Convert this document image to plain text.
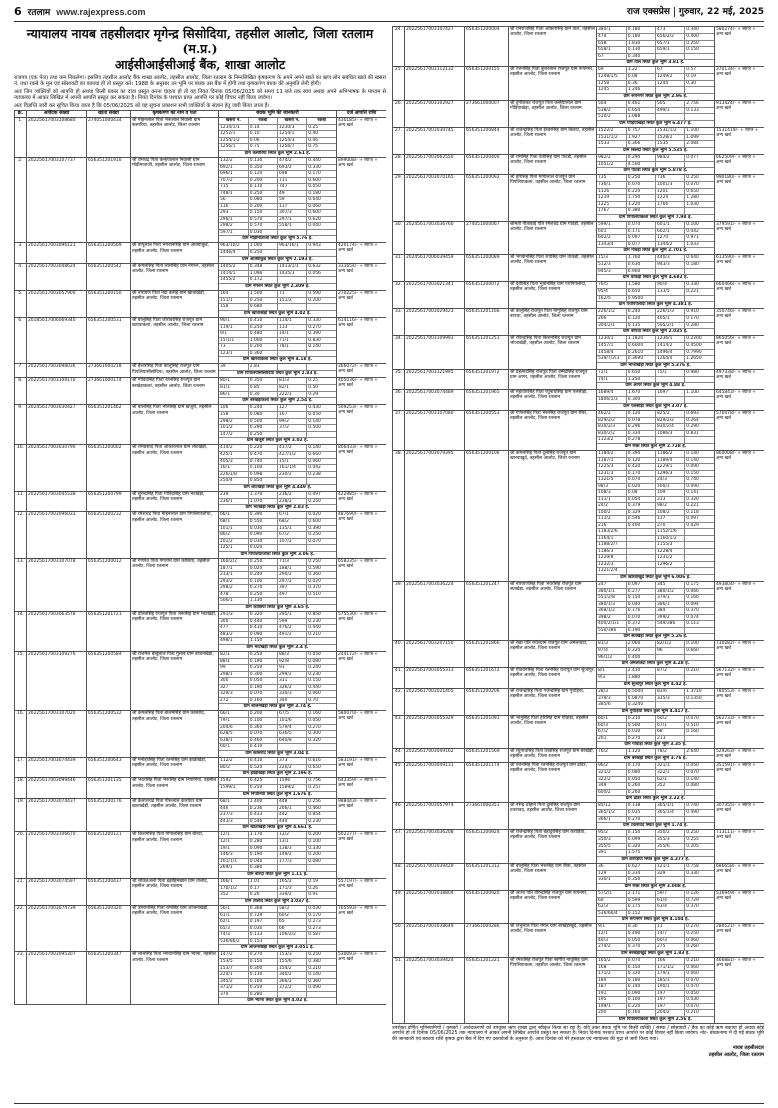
6 रतलाम www.rajexpress.com	राज एक्सप्रेस गुरुवार, 22 मई, 2025
न्यायालय नायब तहसीलदार मृगेन्द्र सिसोदिया, तहसील आलोट, जिला रतलाम (म.प्र.)
आईसीआईसीआई बैंक, शाखा आलोट

राजपत्र (एक पेज) तथा कम निकलेगा। इसलिए तहसील आलोट बैंक शाखा आलोट, तहसील आलोट, जिला रतलाम के निम्नलिखित कृषकगण के अपने अपने खाते का ऋण लोन सबंधित खाते की खसरा नं. तथा रकबे के मूल एवं सोसायटी का बकाया हो तो प्रस्तुत करे। 1988 के अनुसार उन भूमि पर बंधक उस बैंक में होगी तथा कृषकगण बंधक की अनुमति लेनी होगी।

अतः जिन व्यक्तियों को आपत्ति हो अथवा किसी प्रकार का दावा प्रस्तुत करना चाहता हो तो वह नियत दिनांक 05/06/2025 को समय 11 बजे तक स्वयं अथवा अपने अभिभाषक के माध्यम से न्यायालय में आकर लिखित में अपनी आपत्ति प्रस्तुत कर सकता है। नियत दिनांक के पश्चात प्राप्त आपत्ति पर कोई विचार नहीं किया जावेगा।

अतः विज्ञप्ति जारी कर सूचित किया जाता है कि 05/06/2025 को यह सूचना प्रकाशन सभी व्यक्तियों के संज्ञान हेतु जारी किया जाता है।

क्र.	आवेदक संख्या	खाता संख्या	कृषकगण का नाम व पता	बंधक भूमि की जानकारी	दर्ज आपत्ति राशि
1.	20225617003108680	274051000434	श्री मोहनलाल पिता भेरूलाल निवासी ग्राम कंसारिया, तहसील आलोट, जिला रतलाम	
खसरा नं.	रकबा	खसरा नं.	रकबा
1234/1/1	0.14	1230/3	0.25
1252/1	0.10	1254/1	0.40
1254/1/2	0.06	1254/3	0.06
1256/1	0.75	1256/7	0.75
ग्राम कंसारिया स्थित कुल भूमि 2.61 हे.
	430185/- + ब्याज + अन्य खर्च
2.	20225617003107737	656351201910	श्री रामचंद्र पिता कन्हैयालाल निवासी ग्राम मोड़ीमाताजी, तहसील आलोट, जिला रतलाम	
132/2	0.130	474/2	0.440
692/1	0.350	693/2	0.330
696/1	0.120	698	0.170
707/2	0.200	711	0.600
715	0.110	747	0.050
748/1	0.250	49	0.180
56	0.080	59	0.640
116	0.200	117	0.060
293	0.150	307/3	0.600
296/1	0.570	297/1	0.620
298/2	0.570	558/1	0.040
597/1	0.030		
ग्राम मोड़ीमाताजी स्थित कुल भूमि 5.76 हे.
	899008/- + ब्याज + अन्य खर्च
3.	20225617003096121	656351200569	श्री बापूलाल पिता भगवानसिंह ग्राम आक्याकुंड, तहसील आलोट, जिला रतलाम	
963/10/2	1.000	963/16/1	0.943
1446/4	0.250		
ग्राम आक्याकुंड स्थित कुल भूमि 2.193 हे.
	420174/- + ब्याज + अन्य खर्च
4.	20225617003048624	656351200542	श्री कमलसिंह पिता लालसिंह ग्राम नेगरुन, तहसील आलोट, जिला रतलाम	
1405/2	0.348	1413/1/1	0.632
1414/1	1.096	1435/3	0.056
1455/2	0.172		
ग्राम नेगरुन स्थित कुल भूमि 2.309 हे.
	331654/- + ब्याज + अन्य खर्च
5.	20225617003057900	656351200150	श्री नारायण पिता नंदा बलाई ग्राम खाताखेड़ी, तहसील आलोट, जिला रतलाम	
164	1.500	71	0.590
151/1	0.250	151/2	0.200
158	0.680		
ग्राम खाताखेड़ी स्थित कुल भूमि 4.02 हे.
	270225/- + ब्याज + अन्य खर्च
6.	20185617006069340	656351200531	श्री बालूसिंह पिता जोरावरसिंह राजपूत ग्राम खारवाकलां, तहसील आलोट, जिला रतलाम	
90/1	0.410	114/1	0.330
119/1	0.250	113	0.270
9/1	0.480	14/1	0.390
15/1/1	1.000	71/1	0.830
73	0.200	78/1	0.140
123/1	0.360		
ग्राम खारवाकलां स्थित कुल भूमि 4.18 हे.
	614116/- + ब्याज + अन्य खर्च
7.	20225617003098036	273661000218	श्री ईश्वरसिंह पिता कालूसिंह राजपूत ग्राम पिपलियासीसोदिया, तहसील आलोट, जिला रतलाम	
39	2.83		
ग्राम पिपलियासीसोदिया स्थित कुल भूमि 2.83 हे.
	366072/- + ब्याज + अन्य खर्च
8.	20225617003109170	273661000174	श्री गोविंदसिंह पिता रतनसिंह राजपूत ग्राम बरखेड़ाकलां, तहसील आलोट, जिला रतलाम	
80/1	0.350	81/3	0.25
81/1	0.85	82/1	0.50
86/1	0.30	222/1	0.29
ग्राम बरखेड़ाकलां स्थित कुल भूमि 2.54 हे.
	405036/- + ब्याज + अन्य खर्च
9.	20245617003030427	656351201462	श्री बालसिंह पिता भोलेसिंह ग्राम खजूरी, तहसील आलोट, जिला रतलाम	
106	0.240	127	0.430
158	0.080	167	0.050
298/2	0.500	99/2	0.140
101/2	0.290	37/2	0.500
147/2	0.250		
ग्राम खजूरी स्थित कुल भूमि 3.02 हे.
	509253/- + ब्याज + अन्य खर्च
10.	20245617003030790	656351200002	श्री रामप्रसाद पिता ओंकारलाल ग्राम लोटखेड़ी, तहसील आलोट, जिला रतलाम	
414/2	0.220	417/2	0.140
425/1	0.470	427/1/2	0.660
405/3	0.740	15/1	0.060
16/1	0.100	161/1/4	0.042
226/1/8	0.098	230/2	0.238
250/4	0.850		
ग्राम लोटखेड़ी स्थित कुल भूमि 4.449 हे.
	806433/- + ब्याज + अन्य खर्च
11.	20225617003045538	656351200799	श्री सुरेन्द्रसिंह पिता गोविंदसिंह ग्राम भटखेड़ा, तहसील आलोट, जिला रतलाम	
239	1.370	236/2	0.097
236/1	1.070	238/2	0.250
ग्राम भटखेड़ा स्थित कुल भूमि 2.83 हे.
	422985/- + ब्याज + अन्य खर्च
12.	20225617003096033	656351200232	श्री रमेशचंद्र पिता मोहनलाल ग्राम पिपलियाजोधा, तहसील आलोट, जिला रतलाम	
66/1	0.390	67/1	0.020
68/1	0.550	68/2	0.600
101/1	0.030	135/1	0.390
86/2	0.090	67/2	0.250
101/2	0.030	107/2	0.070
125/1	0.020		
ग्राम पिपलियाजोधा स्थित कुल भूमि 3.06 हे.
	487690/- + ब्याज + अन्य खर्च
13.	20225617003107078	656351200012	श्री गणपत पिता गंगाराम ग्राम काछिया, तहसील आलोट, जिला रतलाम	
160/2/2	0.250	71/3	0.250
187/1	0.020	188/1	0.590
233/1	0.240	290/2	0.360
293/2	0.100	297/2	0.020
298/2	0.270	397	0.370
478	0.250	497	0.510
506/1	1.130		
ग्राम काछिया स्थित कुल भूमि 3.65 हे.
	658335/- + ब्याज + अन्य खर्च
14.	20225617003063578	656351201721	श्री दौलतसिंह राजपूत पिता भेरूसिंह ग्राम भाटखेड़ी, तहसील आलोट, जिला रतलाम	
291/3	0.320	295/1	0.850
300	0.440	599	0.230
477	0.410	476/2	0.440
483/2	0.090	491/2	0.210
498/1	1.150		
ग्राम भाटखेड़ी स्थित कुल भूमि 3.4 हे.
	575530/- + ब्याज + अन्य खर्च
15.	20225617003109276	656351200584	श्री राजमल बाबूलाल पिता गुलाब ग्राम बाजनखेड़ा, तहसील आलोट, जिला रतलाम	
82/1	0.250	88/3	0.050
88/1	0.190	92/8	0.080
99	0.250	91	0.240
298/1	0.300	299/2	0.230
300	0.050	311	0.150
327	0.190	326/2	0.440
329/3	0.070	330/3	0.060
272	0.160	340	0.70
ग्राम बाजनखेड़ा स्थित कुल भूमि 3.74 हे.
	244172/- + ब्याज + अन्य खर्च
16.	20225617003107020	656351200532	श्री कमलसिंह पिता बालमसिंह ग्राम कांसरोद, तहसील आलोट, जिला रतलाम	
66/1	0.200	67/5	0.160
79/1	0.100	101/6	0.050
204/6	0.360	579/4	0.270
628/5	0.070	636/5	0.300
638/1	0.460	640/8	0.320
60/1	0.410		
ग्राम कांसरोद स्थित कुल भूमि 3.04 हे.
	580070/- + ब्याज + अन्य खर्च
17.	20225617003074439	656351200643	श्री मनोहरसिंह पिता रतनसिंह ग्राम झाड़ीखेड़ा, तहसील आलोट, जिला रतलाम	
112/2	0.410	373	0.616
80/2	0.520	220/2	0.650
ग्राम झाड़ीखेड़ा स्थित कुल भूमि 2.196 हे.
	583191/- + ब्याज + अन्य खर्च
18.	20225617003099446	656351201135	श्री भरतसिंह पिता भेरूसिंह ग्राम निपानिया, तहसील आलोट, जिला रतलाम	
1592	0.425	1596	0.756
1599/1	0.250	1589/2	0.257
ग्राम निपानिया स्थित कुल भूमि 1.676 हे.
	643359/- + ब्याज + अन्य खर्च
19.	20225617003074437	656351200176	श्री कैलाशचंद्र पिता पीरूलाल कारपेंटर ग्राम खाताखेड़ी, तहसील आलोट, जिला रतलाम	
68/1	1.400	448	0.256
446	0.236	266/1	0.460
237/3	0.433	442	0.854
443/3	0.546	444	0.230
ग्राम खाताखेड़ी स्थित कुल भूमि 4.661 हे.
	988443/- + ब्याज + अन्य खर्च
20.	20225617003106670	656351200121	श्री किशनसिंह पिता गोपालसिंह ग्राम बोरदा, तहसील आलोट, जिला रतलाम	
12/1	1.170	13/2	0.200
12/1	0.280	13/1	0.100
19/1	0.090	138/3	0.330
146/3	0.190	149/2	0.200
161/1/1	0.040	177/3	0.080
269/1	0.380		
ग्राम बोरदा स्थित कुल भूमि 1.11 हे.
	502277/- + ब्याज + अन्य खर्च
21.	20225617003074597	656351200437	श्री शौकतअली पिता इब्राहिमखान ग्राम तालोद, तहसील आलोट, जिला रतलाम	
166/1	1.01	165/2	0.19
170/1/2	0.17	171/3	0.26
352	0.26	339/2	0.91
ग्राम तालोद स्थित कुल भूमि 3.037 हे.
	557197/- + ब्याज + अन्य खर्च
22.	20225617003074739	656351200320	श्री उमरावसिंह पिता रामसिंह ग्राम आंजनाखेड़ी, तहसील आलोट, जिला रतलाम	
56/1	0.368	58/3	0.030
61/1	0.729	60/2	0.170
62/1	0.197	65	0.273
65/3	0.030	66	0.273
74/3	0.133	106/2/2	0.587
536/86/2	0.153		
ग्राम आंजनाखेड़ी स्थित कुल भूमि 3.051 हे.
	765593/- + ब्याज + अन्य खर्च
23.	20225617003095307	656351200347	श्री लालसिंह पिता भगवानसिंह ग्राम भ्याना, तहसील आलोट, जिला रतलाम	
147/2	0.270	153/3	0.250
153/5	0.150	155/6	0.380
153/7	0.300	154/2	0.210
224/1	0.130	340/2	0.140
345/2	0.160	366/2	0.360
371/2	0.250	372/2	0.090
374	0.280		
ग्राम भ्याना स्थित कुल भूमि 4.02 हे.
	530093/- + ब्याज + अन्य खर्च
24.	20225617003107427	656351200004	श्री धनराजसिंह पिता ओंकारसिंह ग्राम ताल, तहसील आलोट, जिला रतलाम	
380/1	0.180	473	0.340
474	0.180	656/2/2	0.400
658	1.830	657/1	0.250
658/1	0.130	659/1	0.150
67	0.340		
ग्राम ताल स्थित कुल भूमि 3.81 हे.
	580274/- + ब्याज + अन्य खर्च
25.	20225617003112132	656351200155	श्री रंजनसिंह पिता कुंवरलाल राजपूत ग्राम रूपनगर, तहसील आलोट, जिला रतलाम	
69	1.22	67	0.57
1248/1/5	0.08	1249/2	0.19
1258	0.36	1244	0.30
1245	1.246		
ग्राम रूपनगर स्थित कुल भूमि 2.96 हे.
	370134/- + ब्याज + अन्य खर्च
26.	20225617003102927	273661000007	श्री दुर्गाशंकर राजपूत पिता कन्हैयालाल ग्राम गौड़ियाखेड़ा, तहसील आलोट, जिला रतलाम	
504	0.461	505	2.756
538/2	0.654	499/1	0.133
510/2	1.088		
ग्राम गौड़ियाखेड़ा स्थित कुल भूमि 6.477 हे.
	913424/- + ब्याज + अन्य खर्च
27.	20225617003030745	656351200844	श्री राजेन्द्रसिंह पिता ईश्वरसिंह ग्राम बिलदा, तहसील आलोट, जिला रतलाम	
1522/2	0.757	1531/1/2	1.100
1531/1/2	1.927	1528/2	1.099
1533	0.366	1535	2.084
ग्राम बिलदा स्थित कुल भूमि 5.535 हे.
	1531419/- + ब्याज + अन्य खर्च
28.	20225617003062550	656351200400	श्री रामसिंह पिता देवीसिंह ग्राम पाटडी, तहसील आलोट, जिला रतलाम	
982/2	0.290	984/2	0.077
1051/2	4.500		
ग्राम पाटडी स्थित कुल भूमि 5.878 हे.
	662509/- + ब्याज + अन्य खर्च
29.	20225617003070165	656351200092	श्री हरिसिंह पिता मांगीलाल राजपूत ग्राम पिपलियाकला, तहसील आलोट, जिला रतलाम	
735	0.250	736	0.250
736/1	0.070	1001/3	0.070
1126	0.220	1201	0.650
1219	1.750	1224	1.280
1225	1.220	1766	1.030
1767	0.380		
ग्राम पिपलियाकला स्थित कुल भूमि 7.98 हे.
	990180/- + ब्याज + अन्य खर्च
30.	20245617003036760	274051000067	श्रीमती गीताबाई पति रमेशचंद्र ग्राम गांवड़ी, तहसील आलोट, जिला रतलाम	
599/1	0.070	601/1	0.100
601	0.171	602/1	0.042
602/2	0.097	1270	0.971
1343/4	0.077	1344/2	1.033
ग्राम गांवड़ी स्थित कुल भूमि 2.701 हे.
	379591/- + ब्याज + अन्य खर्च
31.	20245617006039459	656351200089	श्री भगवानसिंह पिता रायसिंह ग्राम धाकड़ी, तहसील आलोट, जिला रतलाम	
15/3	1.760	440/3	0.640
512/3	0.630	943/3	0.180
945/3	0.900		
ग्राम धाकड़ी स्थित कुल भूमि 4.682 हे.
	613590/- + ब्याज + अन्य खर्च
32.	20225617003021341	656351200072	श्री देवीसिंह पिता भुवानसिंह ग्राम पंथपिपलोदा, तहसील आलोट, जिला रतलाम	
76/5	1.580	90/4	0.330
95/4	0.650	133/5	0.221
162/5	0.9500		
ग्राम पंथपिपलोदा स्थित कुल भूमि 4.381 हे.
	660466/- + ब्याज + अन्य खर्च
33.	20225617003029423	656351201166	श्री बालूसिंह राजपूत पिता मांगुसिंह राजपूत ग्राम बापचा, तहसील आलोट, जिला रतलाम	
226/1/2	0.240	226/1/3	0.910
266	0.120	405/1	0.170
304/2/1	0.135	505/2/1	0.280
ग्राम बापचा स्थित कुल भूमि 2.035 हे.
	350746/- + ब्याज + अन्य खर्च
34.	20225617003109993	656351201251	श्री रविन्द्रसिंह पिता किशनसिंह राजपूत ग्राम भोजाखेड़ी, तहसील आलोट, जिला रतलाम	
1230/1	1.1820	1236/1	0.2200
1457/1	0.6000	1414/2	0.4500
1458/4	0.2610	1496/4	0.7990
539/7/2/3	0.3690	1264/4	1.2650
ग्राम भोजाखेड़ी स्थित कुल भूमि 5.376 हे.
	865056/- + ब्याज + अन्य खर्च
35.	20225617003121995	656351201972	श्री प्रहलादसिंह राजपूत पिता उम्मेदसिंह राजपूत ग्राम आगर, तहसील आलोट, जिला रतलाम	
72/1	0.650	75/1	0.980
74/1	1.250		
ग्राम आगर स्थित कुल भूमि 4.88 हे.
	497338/- + ब्याज + अन्य खर्च
36.	20225617003074489	656351201965	श्री महावीरसिंह पिता रघुनाथसिंह ग्राम पलसोड़ा, तहसील आलोट, जिला रतलाम	
1689/4	1.670	1697	1.100
1806/1/3	0.300		
ग्राम पलसोड़ा स्थित कुल भूमि 3.07 हे.
	645843/- + ब्याज + अन्य खर्च
37.	20225617003107080	656351200553	श्री गणेशसिंह पिता भेरूसिंह राजपूत ग्राम रींछा, तहसील आलोट, जिला रतलाम	
462/2	0.120	825/2	0.693
829/2/2	0.078	829/2/2	0.264
830/2/3	0.296	830/2/4	0.290
830/2/2	0.334	1086/3	0.831
1123/2	0.278		
ग्राम रींछा स्थित कुल भूमि 2.728 हे.
	570478/- + ब्याज + अन्य खर्च
38.	20225617003079395	656351200106	श्री कमलसिंह पिता दुलेसिंह राजपूत ग्राम खारवाखुर्द, तहसील आलोट, जिला रतलाम	
1184/2	0.390	1186/2	0.140
1187/1	0.120	1189/4	0.140
1225/3	0.420	1229/1	0.090
1231/3	0.170	1296/3	0.150
1321/5	0.070	24/3	0.740
98/3	0.020	100/1	0.090
108/3	0.08	109	0.141
111/1	0.054	213	0.320
24/2	0.379	98/2	0.221
100/2	0.329	108/2	0.118
111/2	0.546	117	0.097
216	0.400	270	0.429
1183/2/6		1152/1/6	
1164/1		1160/1/2	
1188/2/7		1155/3	
1186/3		1228/4	
1229/8		1231/2	
1232/3		1296/2	
1321/2/4			
ग्राम खारवाखुर्द स्थित कुल भूमि 6.006 हे.
	860008/- + ब्याज + अन्य खर्च
39.	20225617003036224	656351201247	श्री नारायणसिंह पिता भंवरसिंह राजपूत ग्राम सतखेड़ा, तहसील आलोट, जिला रतलाम	
247	0.097	345	0.175
380/1/1	0.277	380/1/2	0.066
551/2/8	0.150	379/1	0.166
380/1/3	0.040	386/1	0.094
368/1/2	0.176	384	0.370
398/2	0.070	399/2	0.074
400/2/1/1	0.372	549/386	0.113
550/386	0.190		
ग्राम सतखेड़ा स्थित कुल भूमि 5.26 हे.
	493804/- + ब्याज + अन्य खर्च
40.	20225617003207150	656351201866	श्री रेखा पति राधेश्याम राजपूत ग्राम अमलावदा, तहसील आलोट, जिला रतलाम	
81/3	2.060	82/1/2	0.100
97/4	0.220	96	0.660
96/1/2	0.400		
ग्राम अमलावदा स्थित कुल भूमि 4.28 हे.
	730282/- + ब्याज + अन्य खर्च
41.	20225617003055313	656351201672	श्री गोवर्धनसिंह पिता रतनसिंह राजपूत ग्राम सुजापुर, तहसील आलोट, जिला रतलाम	
8/1	2.410	87/2	0.210
9/3	1.880		
ग्राम सुजापुर स्थित कुल भूमि 4.42 हे.
	567132/- + ब्याज + अन्य खर्च
42.	20225617003021405	656351200206	श्री राजेन्द्रसिंह पिता गजेन्द्रसिंह ग्राम गुराड़िया, तहसील आलोट, जिला रतलाम	
28/3	0.5000	83/6	1.3710
379/3	0.0870	335/3	0.1350
385/6	0.3240		
ग्राम गुराड़िया स्थित कुल भूमि 4.417 हे.
	780553/- + ब्याज + अन्य खर्च
43.	20225617003055329	656351201091	श्री भानुसिंह पिता हरिसिंह ग्राम गोवाड़ा, तहसील आलोट, जिला रतलाम	
60/1	0.210	60/2	0.070
60/3	0.500	67/1	0.510
67/2	0.030	68	0.160
201	0.270	213	
ग्राम गोवाड़ा स्थित कुल भूमि 3.35 हे.
	562733/- + ब्याज + अन्य खर्च
44.	20225617003049162	656351201569	श्री रघुनाथसिंह पिता शिवसिंह राजपूत ग्राम बरखेड़ी, तहसील आलोट, जिला रतलाम	
76/2	1.120	78/2	2.640
ग्राम बरखेड़ी स्थित कुल भूमि 3.76 हे.
	529263/- + ब्याज + अन्य खर्च
45.	20225617003049131	656351201174	श्री पवनसिंह पिता रतनसिंह राजपूत ग्राम ढोढर, तहसील आलोट, जिला रतलाम	
96/2	0.170	321/1	0.050
321/2	0.080	322/1	0.070
322/2	0.050	62/1	0.140
349	0.260	352	0.080
600/2	0.260		
ग्राम ढोढर स्थित कुल भूमि 2.22 हे.
	351591/- + ब्याज + अन्य खर्च
46.	20225617003057974	273661000351	श्री नरेन्द्र चौहान पिता दुलेसिंह राजपूत ग्राम टकरावद, तहसील आलोट, जिला रतलाम	
85/12	0.138	365/1/1	0.740
365/1/2	0.035	365/1/4	0.490
366/1	0.270		
ग्राम टकरावद स्थित कुल भूमि 1.74 हे.
	307355/- + ब्याज + अन्य खर्च
47.	20225617003036208	656351200924	श्री राजेन्द्रसिंह पिता बहादुरसिंह ग्राम कराड़िया, तहसील आलोट, जिला रतलाम	
95/2	0.150	350/2	0.250
350/3	0.099	355/3	0.255
355/5	0.320	355/6	0.205
391	1.575		
ग्राम कराड़िया स्थित कुल भूमि 4.277 हे.
	713111/- + ब्याज + अन्य खर्च
48.	20225617003039429	656351201312	श्री बालूसिंह पिता भेरूसिंह ग्राम रींछा, तहसील आलोट, जिला रतलाम	
36	0.627	121/1	0.758
129	0.334	329	0.330
330/1	0.350		
ग्राम रींछा स्थित कुल भूमि 3.008 हे.
	686658/- + ब्याज + अन्य खर्च
49.	20225617003038804	656351200920	श्री आशा पति वीरेन्द्रसिंह राजपूत ग्राम रूपनगर, तहसील आलोट, जिला रतलाम	
57/2/1	2.171	59/7	0.126
60	0.599	61/4	0.729
62/3	0.175	63/4	0.370
536/66/4	0.152		
ग्राम रूपनगर स्थित कुल भूमि 4.104 हे.
	536949/- + ब्याज + अन्य खर्च
50.	20225617003038649	273661000286	श्री शंभुलाल पिता मंगल ग्राम बरखेड़ाखुर्द, तहसील आलोट, जिला रतलाम	
9/1	0.30	11	0.270
12/1	0.490	14/7	0.250
40/3	0.050	60/3	0.060
274/2	0.370	275	0.260
ग्राम बरखेड़ाखुर्द स्थित कुल भूमि 1.83 हे.
	280521/- + ब्याज + अन्य खर्च
51.	20225617003039424	656351201221	श्री रमेशसिंह राजपूत पिता स्वर्गीय नाथूसिंह ग्राम पिपलियाकला, तहसील आलोट, जिला रतलाम	
165/2	0.070	166	0.210
168	0.150	171/1/2	0.060
171/2	0.320	179/1	0.060
184	0.180	185/1	0.070
187	0.140	190/1	0.070
191	0.090	197	0.050
195	0.100	197	0.030
199/1	0.220	197	0.070
200	0.160	204/2	0.210
ग्राम पिपलियाकला स्थित कुल भूमि 2.56 हे.
	466881/- + ब्याज + अन्य खर्च
उपरोक्त वर्णित भूमिस्वामियों / कृषकों / आवेदकगणों को उपयुक्त ऋण शाखा द्वारा स्वीकृत किया जा रहा है। यदि उक्त बंधक भूमि पर किसी व्यक्ति / संस्था / सोसायटी / बैंक का कोई ऋण बकाया हो अथवा कोई आपत्ति हो तो दिनांक 05/06/2025 तक न्यायालय में आकर अपनी लिखित आपत्ति प्रस्तुत कर सकता है। नियत दिनांक पश्चात प्राप्त आपत्ति पर कोई विचार नहीं किया जावेगा। नोट- बंधकनामा में दी गई बंधक भूमि की जानकारी एवं बकाया राशि कृषक द्वारा बैंक में दिए गए दस्तावेजों के अनुसार है। आज दिनांक को मेरे हस्ताक्षर एवं न्यायालय की मुद्रा से जारी किया गया।
नायब तहसीलदार
तहसील आलोट, जिला रतलाम
